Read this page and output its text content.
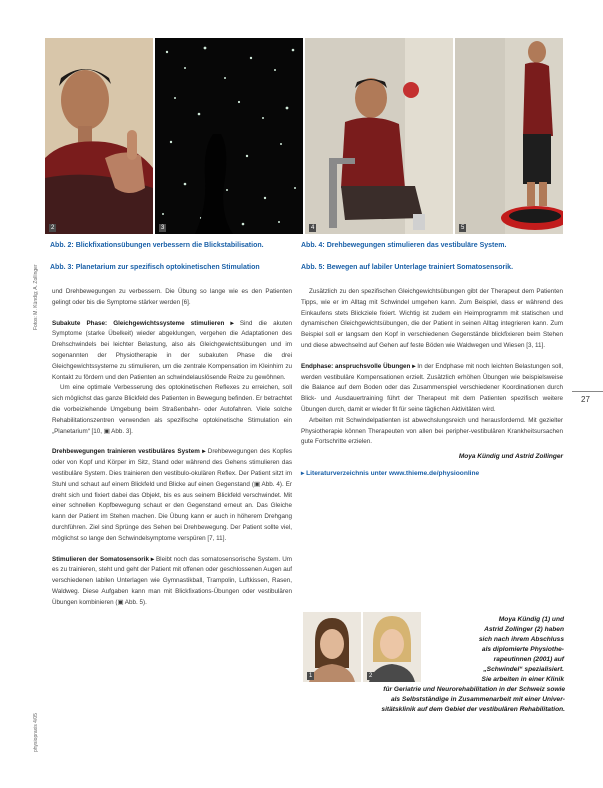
2	3	4	5
Abb. 2: Blickfixationsübungen verbessern die Blickstabilisation.
Abb. 3: Planetarium zur spezifisch optokinetischen Stimulation
Abb. 4: Drehbewegungen stimulieren das vestibuläre System.
Abb. 5: Bewegen auf labiler Unterlage trainiert Somatosensorik.
Fotos: M. Kündig; A. Zollinger
physiopraxis 4/05
27

und Drehbewegungen zu verbessern. Die Übung so lange wie es den Patienten gelingt oder bis die Symptome stärker werden [6].

Subakute Phase: Gleichgewichtssysteme stimulieren ▸ Sind die akuten Symptome (starke Übelkeit) wieder abgeklungen, vergehen die Adaptationen des Drehschwindels bei leichter Belastung, also als Gleichgewichtsübungen und im sogenannten der Physiotherapie in der subakuten Phase die drei Gleichgewichtssysteme zu stimulieren, um die zentrale Kompensation im Kleinhirn zu Kontakt zu fördern und den Patienten an schwindelauslösende Reize zu gewöhnen.

Um eine optimale Verbesserung des optokinetischen Reflexes zu erreichen, soll sich möglichst das ganze Blickfeld des Patienten in Bewegung befinden. Er betrachtet die vorbeiziehende Umgebung beim Straßenbahn- oder Autofahren. Viele solche Rehabilitationszentren verwenden als spezifische optokinetische Stimulation ein „Planetarium“ [10, ▣ Abb. 3].

Drehbewegungen trainieren vestibuläres System ▸ Drehbewegungen des Kopfes oder von Kopf und Körper im Sitz, Stand oder während des Gehens stimulieren das vestibuläre System. Dies trainieren den vestibulo-okulären Reflex. Der Patient sitzt im Stuhl und schaut auf einem Blickfeld und Blicke auf einen Gegenstand (▣ Abb. 4). Er dreht sich und fixiert dabei das Objekt, bis es aus seinem Blickfeld verschwindet. Mit einer schnellen Kopfbewegung schaut er den Gegenstand erneut an. Das Gleiche kann der Patient im Stehen machen. Die Übung kann er auch in höherem Drehgang durchführen. Ziel sind Sprünge des Sehen bei Drehbewegung. Der Patient sollte viel, möglichst so lange den Schwindelsymptome verspüren [7, 11].

Stimulieren der Somatosensorik ▸ Bleibt noch das somatosensorische System. Um es zu trainieren, steht und geht der Patient mit offenen oder geschlossenen Augen auf verschiedenen labilen Unterlagen wie Gymnastikball, Trampolin, Luftkissen, Rasen, Waldweg. Diese Aufgaben kann man mit Blickfixations-Übungen oder vestibulären Übungen kombinieren (▣ Abb. 5).

Zusätzlich zu den spezifischen Gleichgewichtsübungen gibt der Therapeut dem Patienten Tipps, wie er im Alltag mit Schwindel umgehen kann. Zum Beispiel, dass er während des Einkaufens stets Blickziele fixiert. Wichtig ist zudem ein Heimprogramm mit statischen und dynamischen Gleichgewichtsübungen, die der Patient in seinen Alltag integrieren kann. Zum Beispiel soll er langsam den Kopf in verschiedenen Gegenstände blickfixieren beim Stehen und diese abwechselnd auf Gehen auf feste Böden wie Waldwegen und Wiesen [3, 11].

Endphase: anspruchsvolle Übungen ▸ In der Endphase mit noch leichten Belastungen soll, werden vestibuläre Kompensationen erzielt. Zusätzlich erhöhen Übungen wie beispielsweise die Balance auf dem Boden oder das Zusammenspiel verschiedener Koordinationen durch Blick- und Ausdauertraining führt der Therapeut mit dem Patienten spezifisch weitere Übungen durch, damit er wieder fit für seine täglichen Aktivitäten wird.

Arbeiten mit Schwindelpatienten ist abwechslungsreich und herausfordernd. Mit gezielter Physiotherapie können Therapeuten von allen bei peripher-vestibulären Krankheitsursachen gute Fortschritte erzielen.

Moya Kündig und Astrid Zollinger
▸ Literaturverzeichnis unter www.thieme.de/physioonline
1	2
Moya Kündig (1) und
Astrid Zollinger (2) haben
sich nach ihrem Abschluss
als diplomierte Physiothe-
rapeutinnen (2001) auf
„Schwindel“ spezialisiert.
Sie arbeiten in einer Klinik
für Geriatrie und Neurorehabilitation in der Schweiz sowie
als Selbstständige in Zusammenarbeit mit einer Univer-
sitätsklinik auf dem Gebiet der vestibulären Rehabilitation.
